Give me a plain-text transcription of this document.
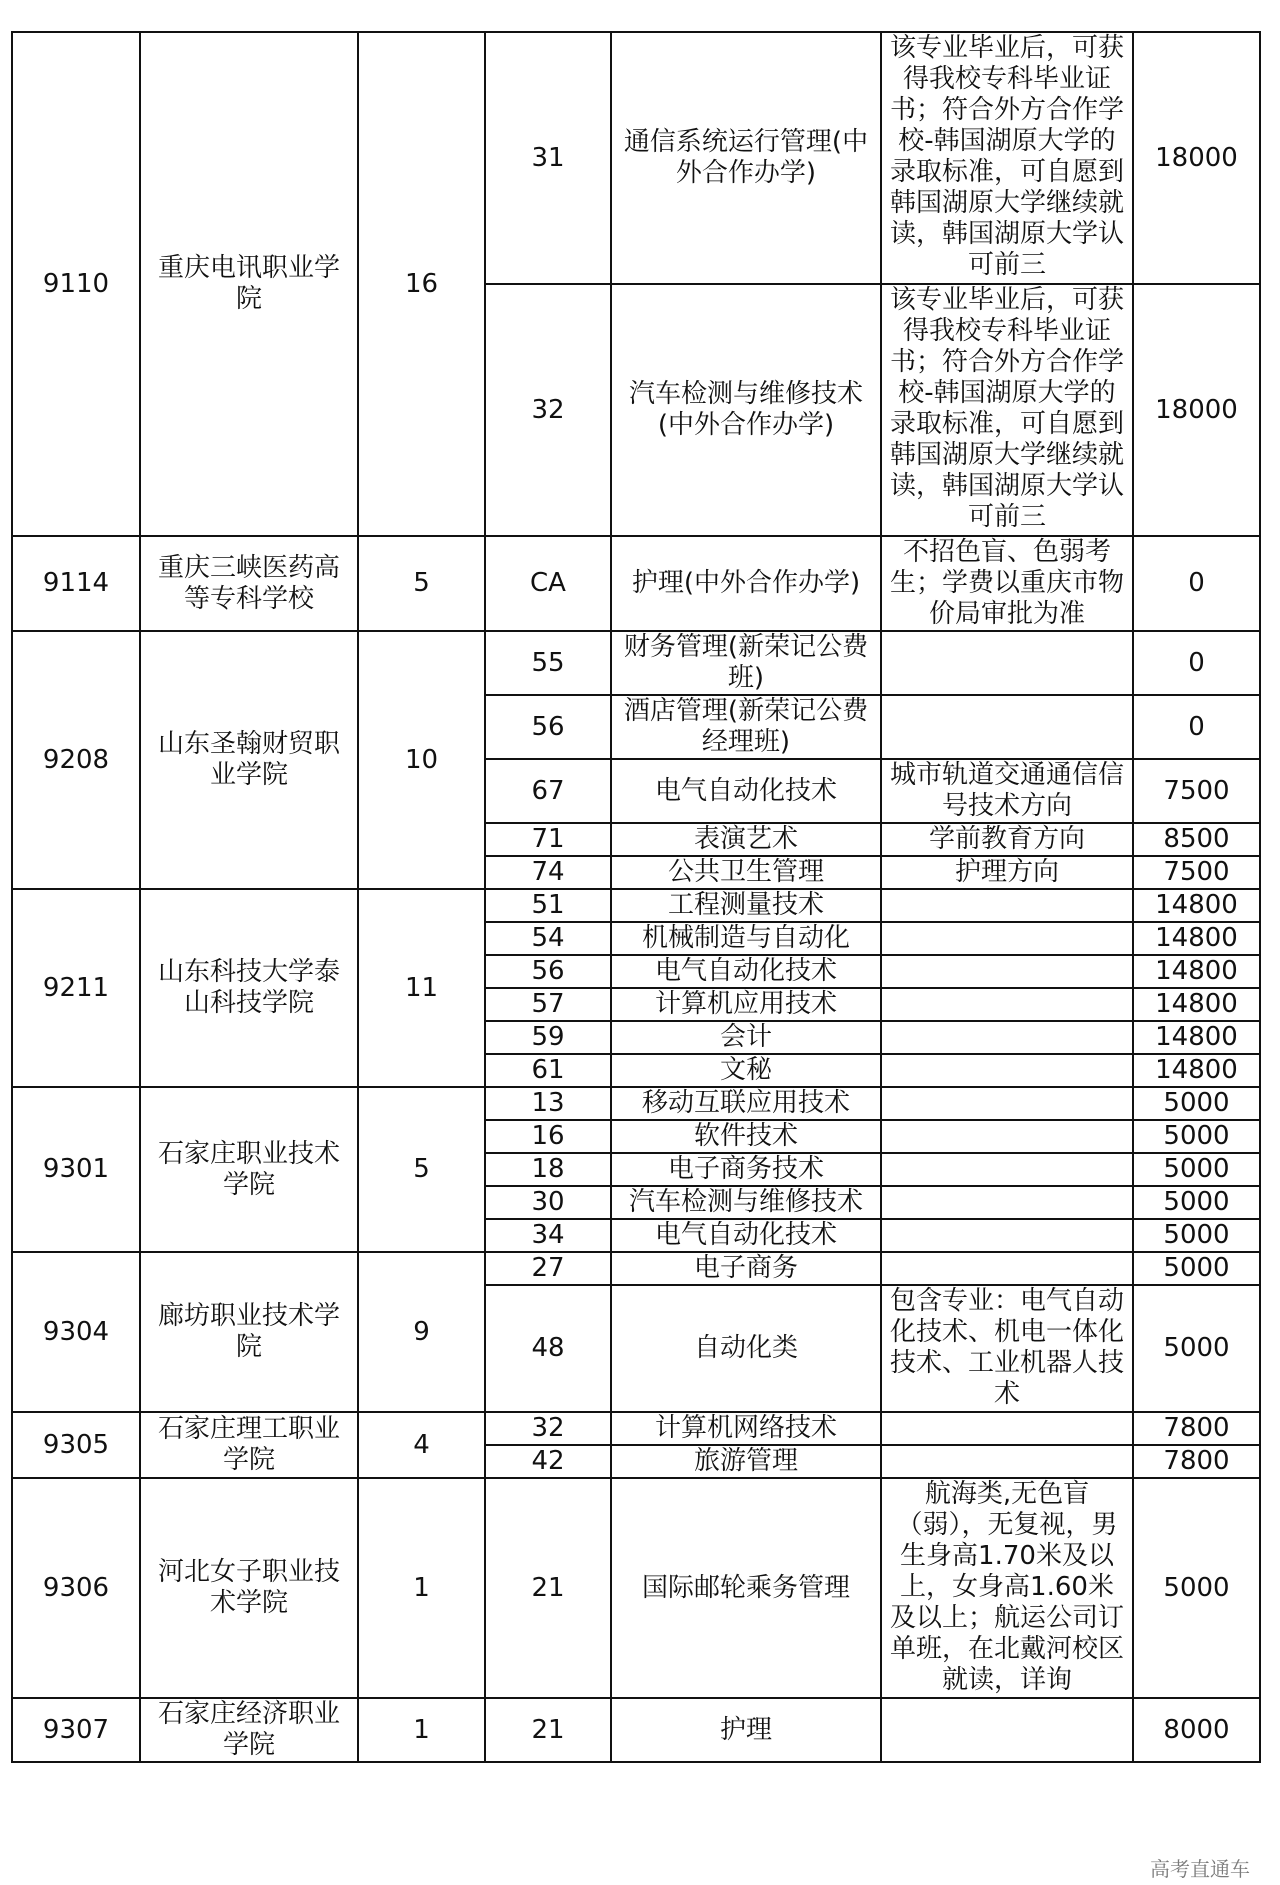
9110	重庆电讯职业学院	16	31	通信系统运行管理(中外合作办学)	该专业毕业后，可获得我校专科毕业证书；符合外方合作学校-韩国湖原大学的录取标准，可自愿到韩国湖原大学继续就读，韩国湖原大学认可前三	18000
			32	汽车检测与维修技术(中外合作办学)	该专业毕业后，可获得我校专科毕业证书；符合外方合作学校-韩国湖原大学的录取标准，可自愿到韩国湖原大学继续就读，韩国湖原大学认可前三	18000
9114	重庆三峡医药高等专科学校	5	CA	护理(中外合作办学)	不招色盲、色弱考生；学费以重庆市物价局审批为准	0
9208	山东圣翰财贸职业学院	10	55	财务管理(新荣记公费班)		0
			56	酒店管理(新荣记公费经理班)		0
			67	电气自动化技术	城市轨道交通通信信号技术方向	7500
			71	表演艺术	学前教育方向	8500
			74	公共卫生管理	护理方向	7500
9211	山东科技大学泰山科技学院	11	51	工程测量技术		14800
			54	机械制造与自动化		14800
			56	电气自动化技术		14800
			57	计算机应用技术		14800
			59	会计		14800
			61	文秘		14800
9301	石家庄职业技术学院	5	13	移动互联应用技术		5000
			16	软件技术		5000
			18	电子商务技术		5000
			30	汽车检测与维修技术		5000
			34	电气自动化技术		5000
9304	廊坊职业技术学院	9	27	电子商务		5000
			48	自动化类	包含专业：电气自动化技术、机电一体化技术、工业机器人技术	5000
9305	石家庄理工职业学院	4	32	计算机网络技术		7800
			42	旅游管理		7800
9306	河北女子职业技术学院	1	21	国际邮轮乘务管理	航海类,无色盲（弱），无复视，男生身高1.70米及以上，女身高1.60米及以上；航运公司订单班，在北戴河校区就读，详询	5000
9307	石家庄经济职业学院	1	21	护理		8000
高考直通车
